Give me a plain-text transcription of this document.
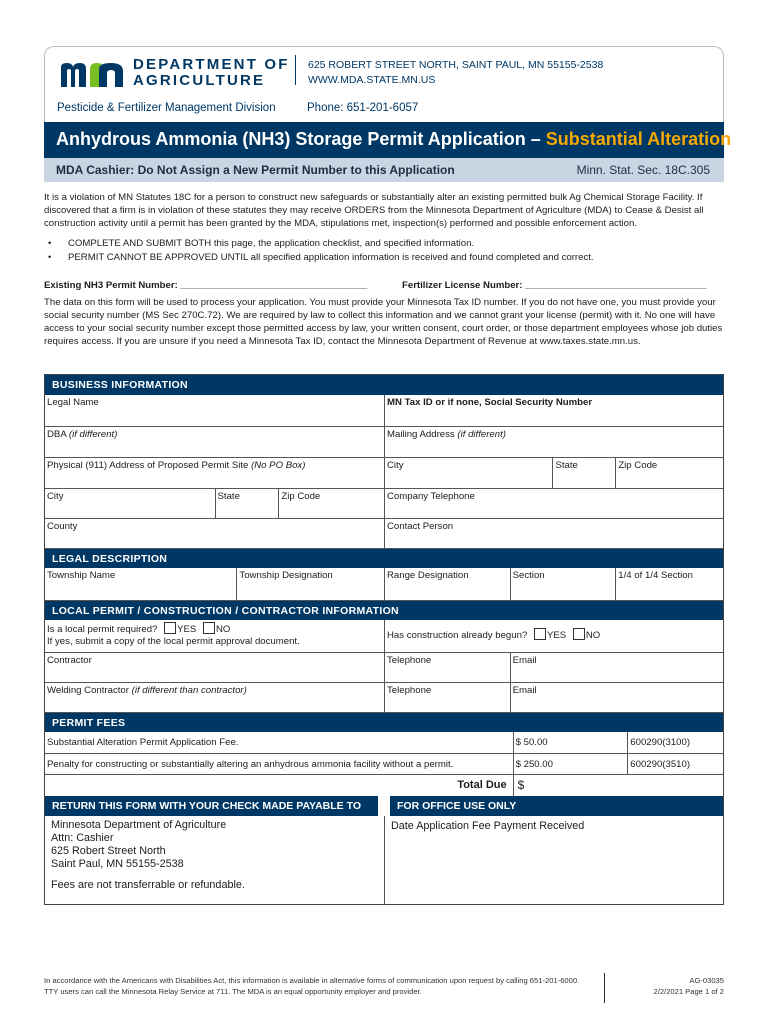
DEPARTMENT OF
AGRICULTURE
625 ROBERT STREET NORTH, SAINT PAUL, MN 55155-2538
WWW.MDA.STATE.MN.US
Pesticide & Fertilizer Management Division	Phone: 651-201-6057
Anhydrous Ammonia (NH3) Storage Permit Application – Substantial Alteration
MDA Cashier: Do Not Assign a New Permit Number to this Application	Minn. Stat. Sec. 18C.305
It is a violation of MN Statutes 18C for a person to construct new safeguards or substantially alter an existing permitted bulk Ag Chemical Storage Facility. If discovered that a firm is in violation of these statutes they may receive ORDERS from the Minnesota Department of Agriculture (MDA) to Cease & Desist all construction activity until a permit has been granted by the MDA, stipulations met, inspection(s) performed and possible enforcement action.
• COMPLETE AND SUBMIT BOTH this page, the application checklist, and specified information.
• PERMIT CANNOT BE APPROVED UNTIL all specified application information is received and found completed and correct.
Existing NH3 Permit Number: ___________________________________	Fertilizer License Number: __________________________________
The data on this form will be used to process your application. You must provide your Minnesota Tax ID number. If you do not have one, you must provide your social security number (MS Sec 270C.72). We are required by law to collect this information and we cannot grant your license (permit) with it. No one will have access to your social security number except those permitted access by law, your written consent, court order, or those department employees whose job duties requires access. If you are unsure if you need a Minnesota Tax ID, contact the Minnesota Department of Revenue at www.taxes.state.mn.us.
BUSINESS INFORMATION
Legal Name	MN Tax ID or if none, Social Security Number
DBA (if different)	Mailing Address (if different)
Physical (911) Address of Proposed Permit Site (No PO Box)	City	State	Zip Code
City	State	Zip Code	Company Telephone
County	Contact Person
LEGAL DESCRIPTION
Township Name	Township Designation	Range Designation	Section	1/4 of 1/4 Section
LOCAL PERMIT / CONSTRUCTION / CONTRACTOR INFORMATION
Is a local permit required? YES NO
If yes, submit a copy of the local permit approval document.
Has construction already begun? YES NO
Contractor	Telephone	Email
Welding Contractor (if different than contractor)	Telephone	Email
PERMIT FEES
Substantial Alteration Permit Application Fee.	$ 50.00	600290(3100)
Penalty for constructing or substantially altering an anhydrous ammonia facility without a permit.	$ 250.00	600290(3510)
Total Due $
RETURN THIS FORM WITH YOUR CHECK MADE PAYABLE TO	FOR OFFICE USE ONLY
Minnesota Department of Agriculture
Attn: Cashier
625 Robert Street North
Saint Paul, MN 55155-2538
Fees are not transferrable or refundable.
Date Application Fee Payment Received
In accordance with the Americans with Disabilities Act, this information is available in alternative forms of communication upon request by calling 651-201-6000.
TTY users can call the Minnesota Relay Service at 711. The MDA is an equal opportunity employer and provider.
AG-03035
2/2/2021 Page 1 of 2
